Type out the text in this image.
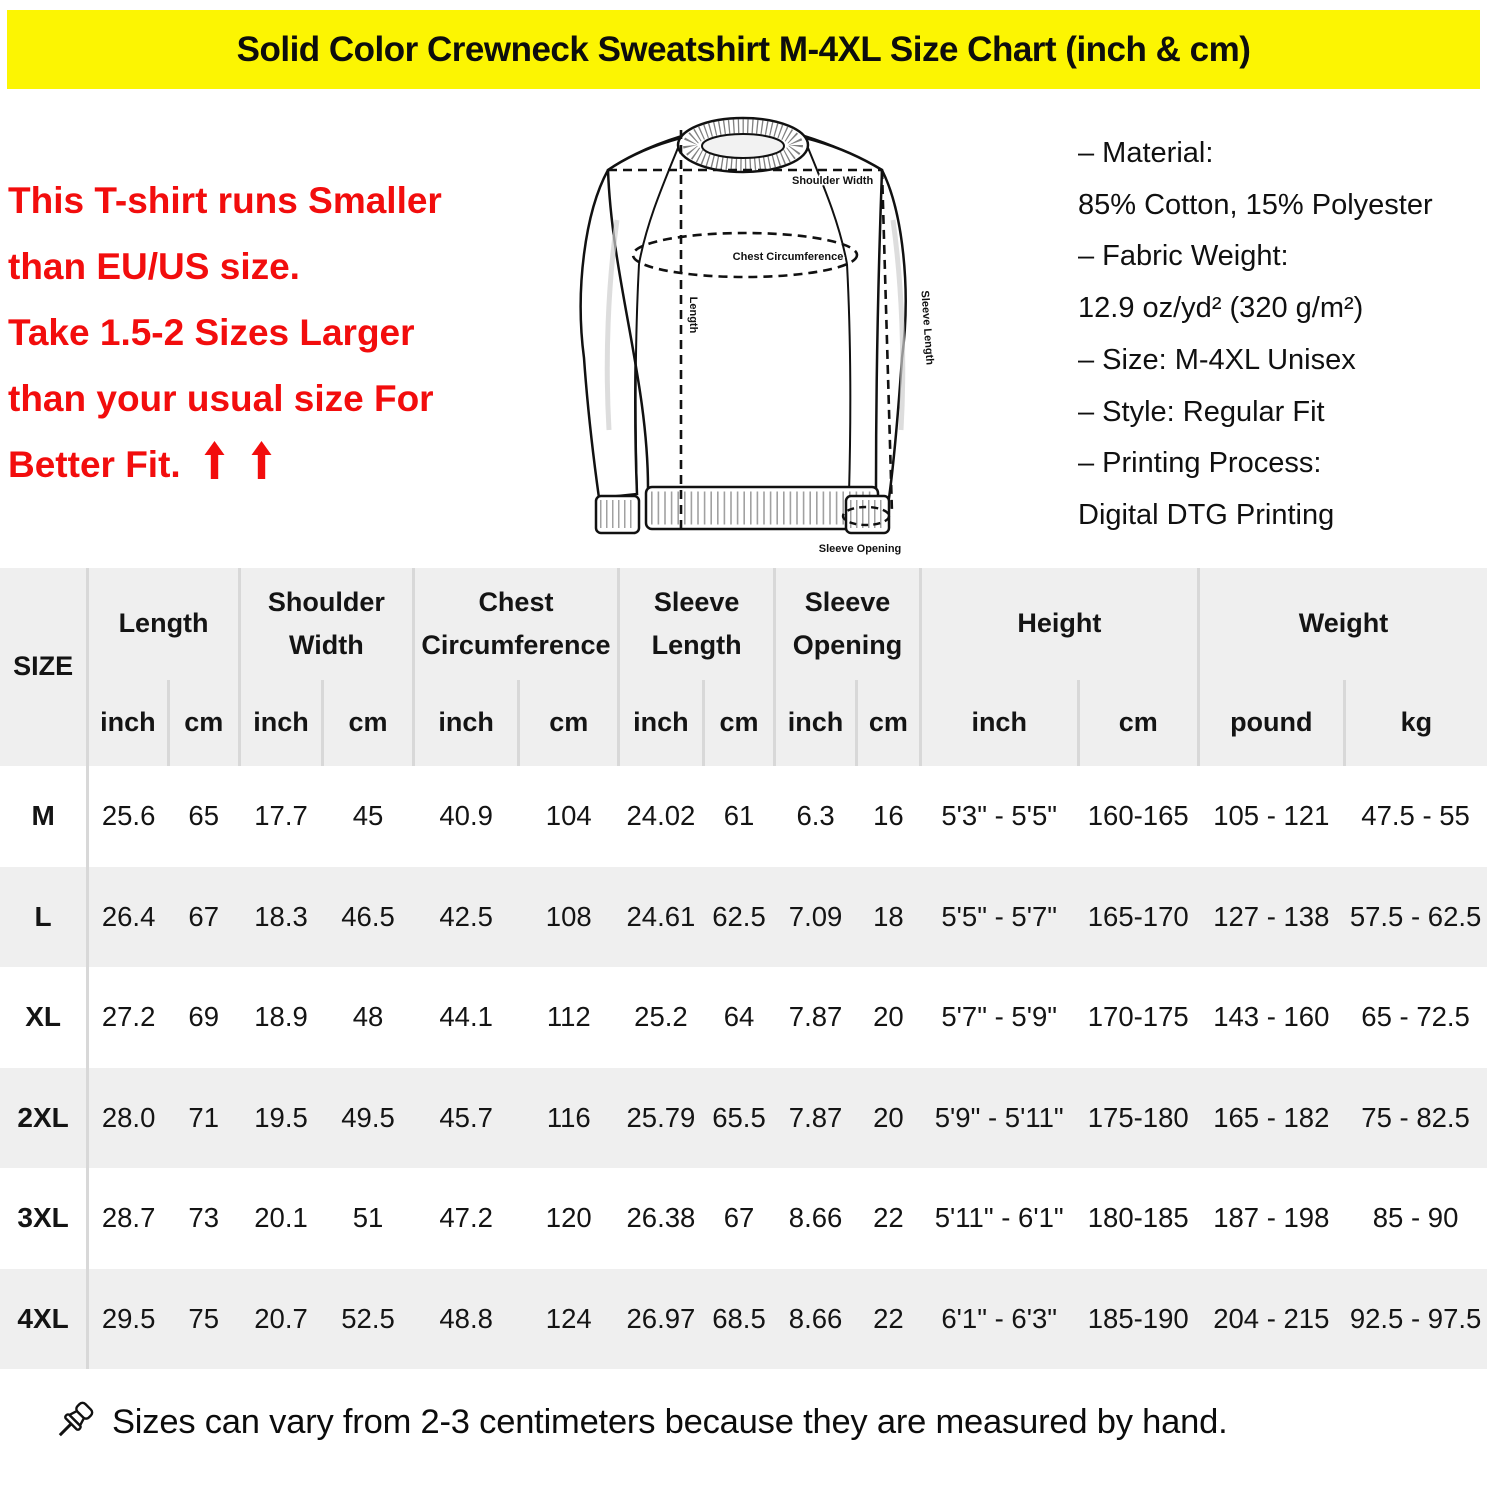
Solid Color Crewneck Sweatshirt M-4XL Size Chart (inch & cm)
This T-shirt runs Smaller
than EU/US size.
Take 1.5-2 Sizes Larger
than your usual size For
Better Fit.
Shoulder Width
Chest Circumference
Length	Sleeve Length
Sleeve Opening
– Material:
85% Cotton, 15% Polyester
– Fabric Weight:
12.9 oz/yd² (320 g/m²)
– Size: M-4XL Unisex
– Style: Regular Fit
– Printing Process:
Digital DTG Printing
SIZE	Length		Shoulder Width		Chest Circumference		Sleeve Length		Sleeve Opening		Height		Weight	
	inch	cm	inch	cm	inch	cm	inch	cm	inch	cm	inch	cm	pound	kg
M	25.6	65	17.7	45	40.9	104	24.02	61	6.3	16	5'3" - 5'5"	160-165	105 - 121	47.5 - 55
L	26.4	67	18.3	46.5	42.5	108	24.61	62.5	7.09	18	5'5" - 5'7"	165-170	127 - 138	57.5 - 62.5
XL	27.2	69	18.9	48	44.1	112	25.2	64	7.87	20	5'7" - 5'9"	170-175	143 - 160	65 - 72.5
2XL	28.0	71	19.5	49.5	45.7	116	25.79	65.5	7.87	20	5'9" - 5'11"	175-180	165 - 182	75 - 82.5
3XL	28.7	73	20.1	51	47.2	120	26.38	67	8.66	22	5'11" - 6'1"	180-185	187 - 198	85 - 90
4XL	29.5	75	20.7	52.5	48.8	124	26.97	68.5	8.66	22	6'1" - 6'3"	185-190	204 - 215	92.5 - 97.5
Sizes can vary from 2-3 centimeters because they are measured by hand.
